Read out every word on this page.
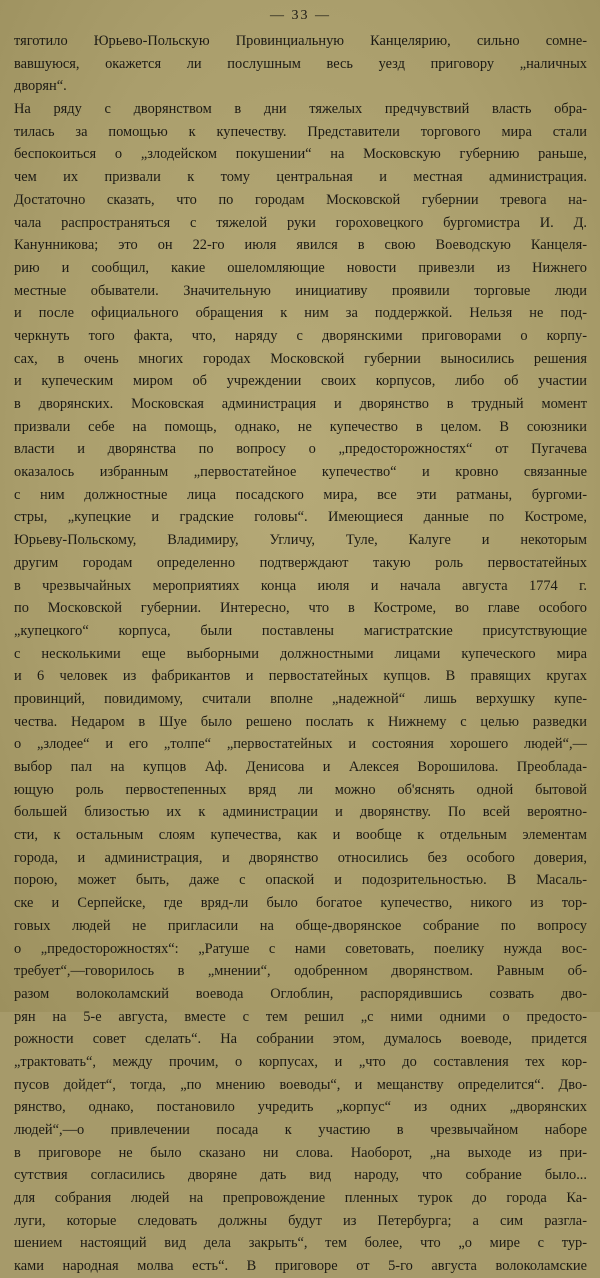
— 33 —
тяготило Юрьево-Польскую Провинциальную Канцелярию, сильно сомне-
вавшуюся, окажется ли послушным весь уезд приговору „наличных
дворян“.
На ряду с дворянством в дни тяжелых предчувствий власть обра-
тилась за помощью к купечеству. Представители торгового мира стали
беспокоиться о „злодейском покушении“ на Московскую губернию раньше,
чем их призвали к тому центральная и местная администрация.
Достаточно сказать, что по городам Московской губернии тревога на-
чала распространяться с тяжелой руки гороховецкого бургомистра И. Д.
Канунникова; это он 22-го июля явился в свою Воеводскую Канцеля-
рию и сообщил, какие ошеломляющие новости привезли из Нижнего
местные обыватели. Значительную инициативу проявили торговые люди
и после официального обращения к ним за поддержкой. Нельзя не под-
черкнуть того факта, что, наряду с дворянскими приговорами о корпу-
сах, в очень многих городах Московской губернии выносились решения
и купеческим миром об учреждении своих корпусов, либо об участии
в дворянских. Московская администрация и дворянство в трудный момент
призвали себе на помощь, однако, не купечество в целом. В союзники
власти и дворянства по вопросу о „предосторожностях“ от Пугачева
оказалось избранным „первостатейное купечество“ и кровно связанные
с ним должностные лица посадского мира, все эти ратманы, бургоми-
стры, „купецкие и градские головы“. Имеющиеся данные по Костроме,
Юрьеву-Польскому, Владимиру, Угличу, Туле, Калуге и некоторым
другим городам определенно подтверждают такую роль первостатейных
в чрезвычайных мероприятиях конца июля и начала августа 1774 г.
по Московской губернии. Интересно, что в Костроме, во главе особого
„купецкого“ корпуса, были поставлены магистратские присутствующие
с несколькими еще выборными должностными лицами купеческого мира
и 6 человек из фабрикантов и первостатейных купцов. В правящих кругах
провинций, повидимому, считали вполне „надежной“ лишь верхушку купе-
чества. Недаром в Шуе было решено послать к Нижнему с целью разведки
о „злодее“ и его „толпе“ „первостатейных и состояния хорошего людей“,—
выбор пал на купцов Аф. Денисова и Алексея Ворошилова. Преоблада-
ющую роль первостепенных вряд ли можно об'яснять одной бытовой
большей близостью их к администрации и дворянству. По всей вероятно-
сти, к остальным слоям купечества, как и вообще к отдельным элементам
города, и администрация, и дворянство относились без особого доверия,
порою, может быть, даже с опаской и подозрительностью. В Масаль-
ске и Серпейске, где вряд-ли было богатое купечество, никого из тор-
говых людей не пригласили на обще-дворянское собрание по вопросу
о „предосторожностях“: „Ратуше с нами советовать, поелику нужда вос-
требует“,—говорилось в „мнении“, одобренном дворянством. Равным об-
разом волоколамский воевода Оглоблин, распорядившись созвать дво-
рян на 5-е августа, вместе с тем решил „с ними одними о предосто-
рожности совет сделать“. На собрании этом, думалось воеводе, придется
„трактовать“, между прочим, о корпусах, и „что до составления тех кор-
пусов дойдет“, тогда, „по мнению воеводы“, и мещанству определится“. Дво-
рянство, однако, постановило учредить „корпус“ из одних „дворянских
людей“,—о привлечении посада к участию в чрезвычайном наборе
в приговоре не было сказано ни слова. Наоборот, „на выходе из при-
сутствия согласились дворяне дать вид народу, что собрание было...
для собрания людей на препровождение пленных турок до города Ка-
луги, которые следовать должны будут из Петербурга; а сим разгла-
шением настоящий вид дела закрыть“, тем более, что „о мире с тур-
ками народная молва есть“. В приговоре от 5-го августа волоколамские
